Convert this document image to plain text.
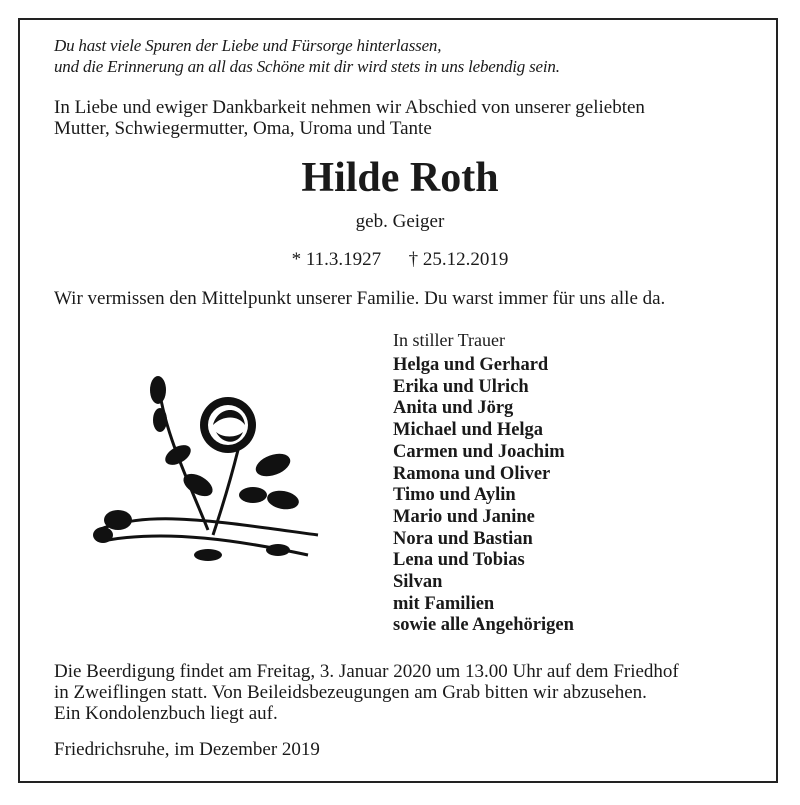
Du hast viele Spuren der Liebe und Fürsorge hinterlassen,
und die Erinnerung an all das Schöne mit dir wird stets in uns lebendig sein.
In Liebe und ewiger Dankbarkeit nehmen wir Abschied von unserer geliebten
Mutter, Schwiegermutter, Oma, Uroma und Tante
Hilde Roth
geb. Geiger
* 11.3.1927 † 25.12.2019
Wir vermissen den Mittelpunkt unserer Familie. Du warst immer für uns alle da.
In stiller Trauer
Helga und Gerhard
Erika und Ulrich
Anita und Jörg
Michael und Helga
Carmen und Joachim
Ramona und Oliver
Timo und Aylin
Mario und Janine
Nora und Bastian
Lena und Tobias
Silvan
mit Familien
sowie alle Angehörigen
Die Beerdigung findet am Freitag, 3. Januar 2020 um 13.00 Uhr auf dem Friedhof
in Zweiflingen statt. Von Beileidsbezeugungen am Grab bitten wir abzusehen.
Ein Kondolenzbuch liegt auf.
Friedrichsruhe, im Dezember 2019
